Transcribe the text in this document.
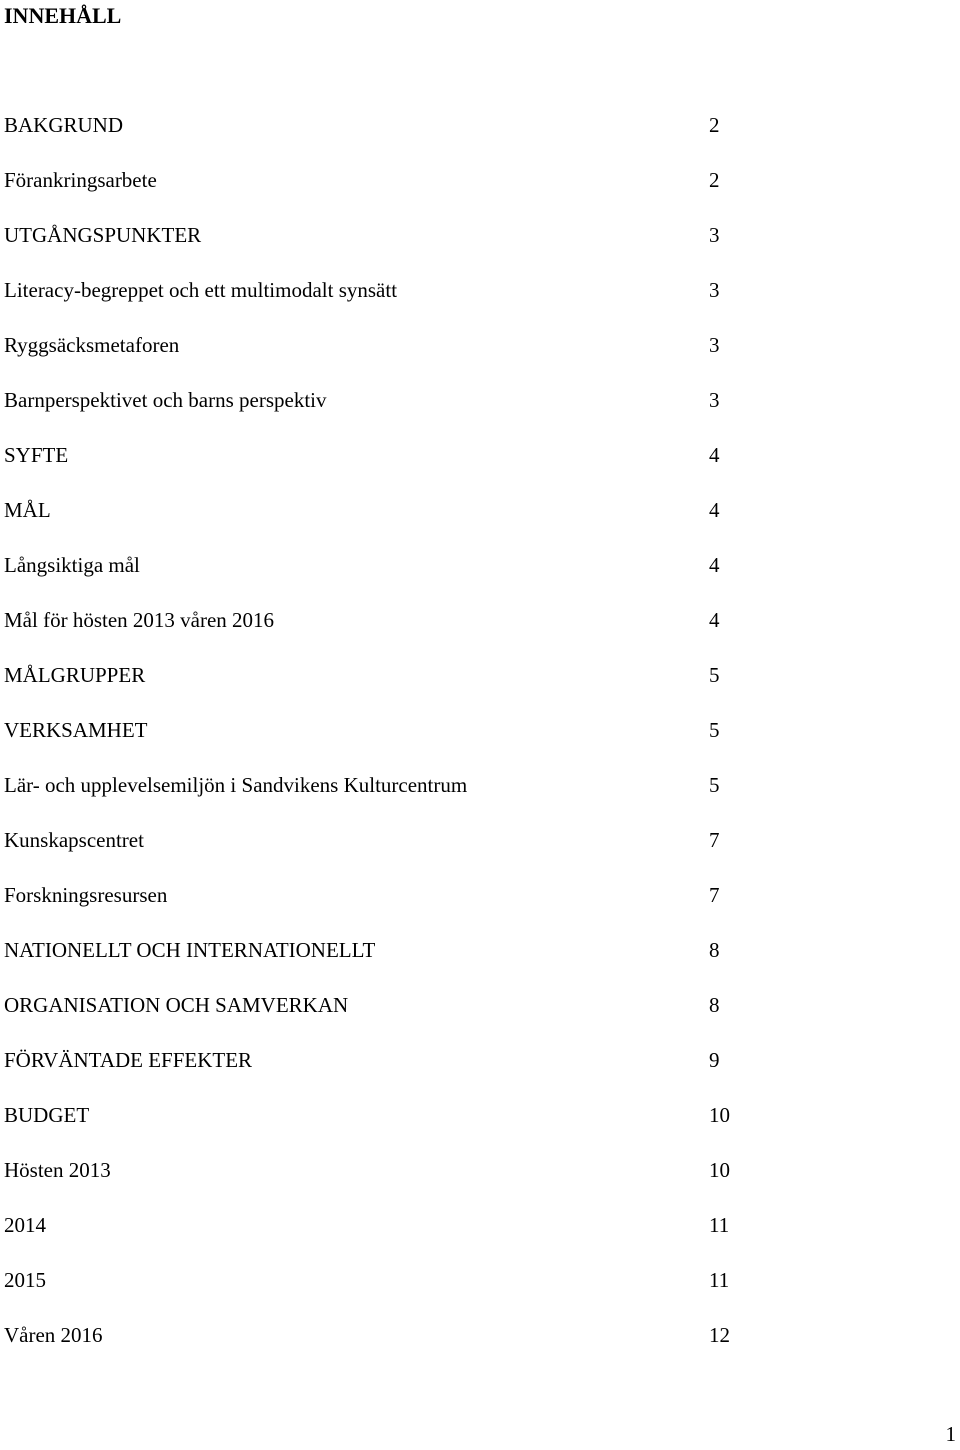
INNEHÅLL
BAKGRUND	2
Förankringsarbete	2
UTGÅNGSPUNKTER	3
Literacy-begreppet och ett multimodalt synsätt	3
Ryggsäcksmetaforen	3
Barnperspektivet och barns perspektiv	3
SYFTE	4
MÅL	4
Långsiktiga mål	4
Mål för hösten 2013 våren 2016	4
MÅLGRUPPER	5
VERKSAMHET	5
Lär- och upplevelsemiljön i Sandvikens Kulturcentrum	5
Kunskapscentret	7
Forskningsresursen	7
NATIONELLT OCH INTERNATIONELLT	8
ORGANISATION OCH SAMVERKAN	8
FÖRVÄNTADE EFFEKTER	9
BUDGET	10
Hösten 2013	10
2014	11
2015	11
Våren 2016	12
1
